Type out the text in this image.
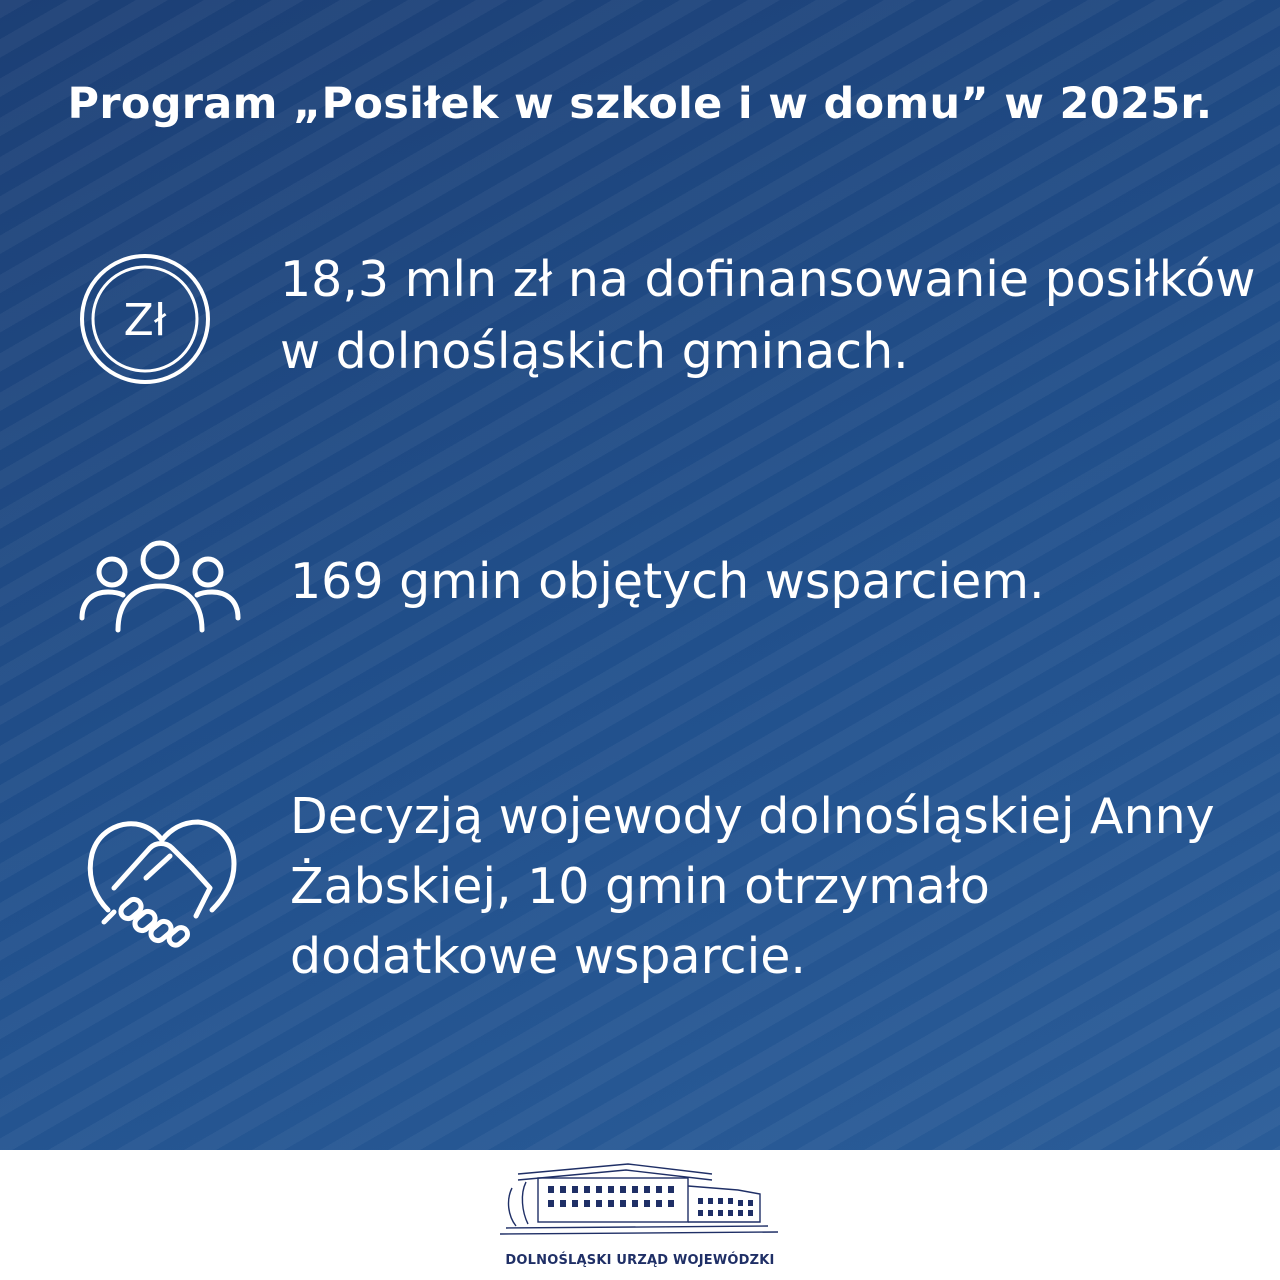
Program „Posiłek w szkole i w domu” w 2025r.
Zł
18,3 mln zł na dofinansowanie posiłków w dolnośląskich gminach.
169 gmin objętych wsparciem.
Decyzją wojewody dolnośląskiej Anny Żabskiej, 10 gmin otrzymało dodatkowe wsparcie.
DOLNOŚLĄSKI URZĄD WOJEWÓDZKI
